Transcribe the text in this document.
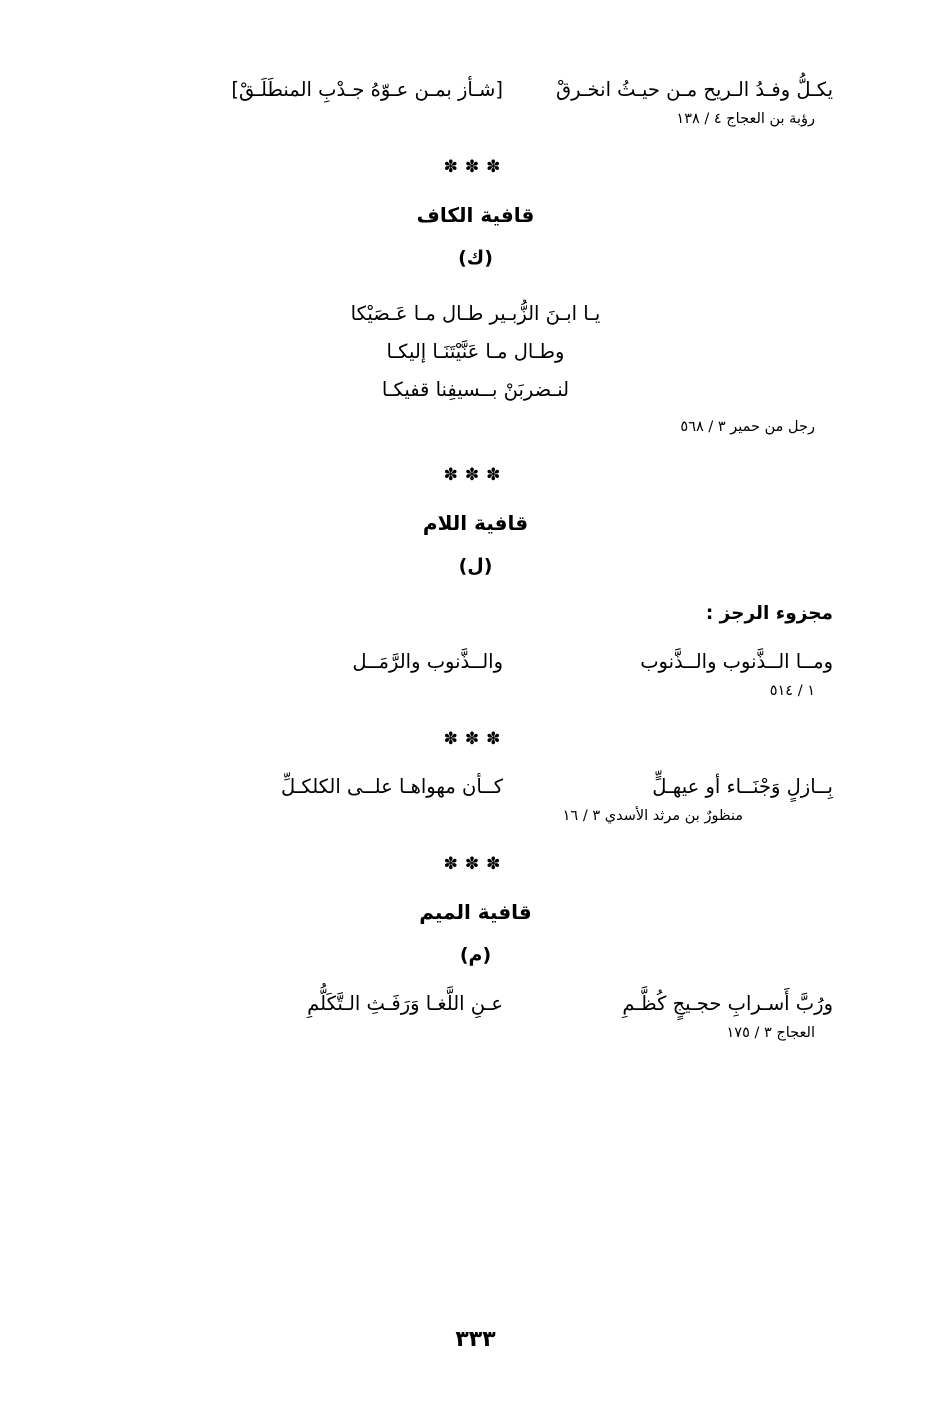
يكـلُّ وفـدُ الـريح مـن حيـثُ انخـرقْ
[شـأز بمـن عـوّهُ جـدْبِ المنطَلَـقْ]
رؤبة بن العجاج ٤ / ١٣٨
✽✽✽
قافية الكاف
(ك)
يـا ابـنَ الزُّبـير طـال مـا عَـصَيْكا
وطـال مـا عَنَّيْتَنَـا إليكـا
لنـضربَنْ بــسيفِنا قفيكـا
رجل من حمير ٣ / ٥٦٨
✽✽✽
قافية اللام
(ل)
مجزوء الرجز :
ومــا الــذَّنوب والــذَّنوب
والــذَّنوب والرَّمَــل
١ / ٥١٤
✽✽✽
بِــازلٍ وَجْنَــاء أو عيهـلٍّ
كــأن مهواهـا علــى الكلكـلِّ
منظورٌ بن مرثد الأسدي ٣ / ١٦
✽✽✽
قافية الميم
(م)
ورُبَّ أَسـرابِ حجـيجٍ كُظَّـمِ
عـنِ اللَّغـا وَرَفَـثِ الـتَّكَلُّمِ
العجاج ٣ / ١٧٥
٣٣٣
